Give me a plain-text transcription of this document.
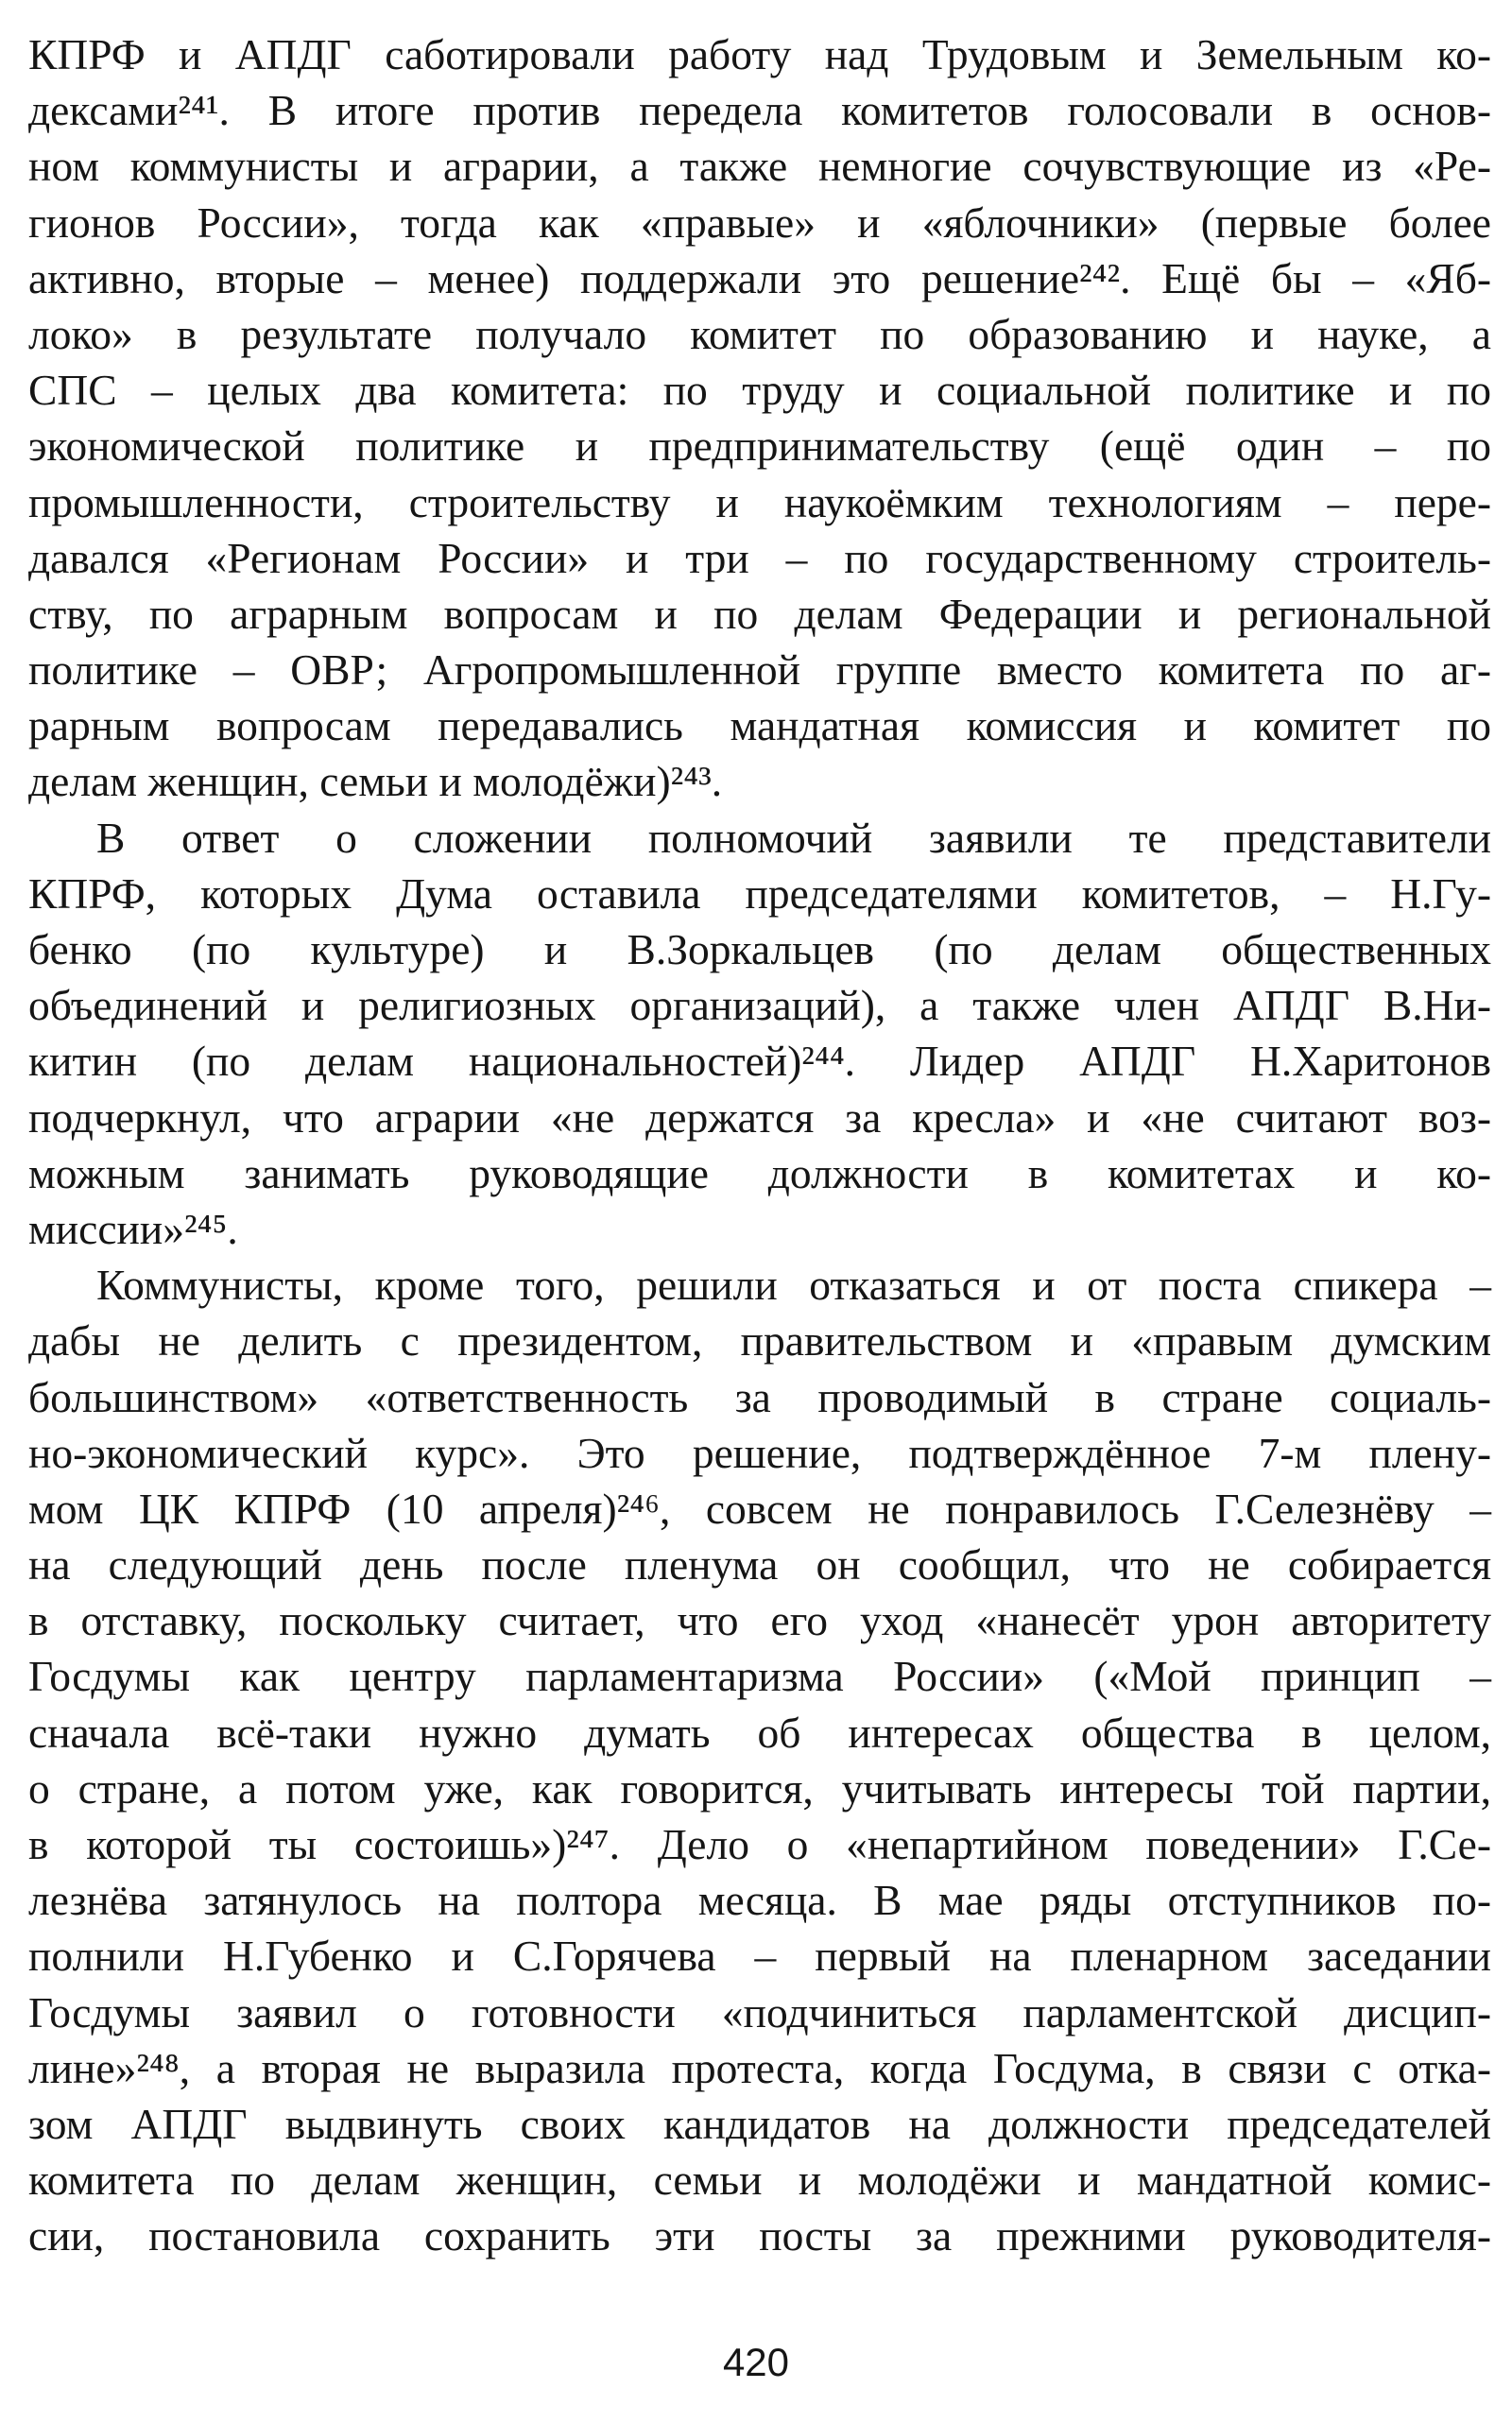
КПРФ и АПДГ саботировали работу над Трудовым и Земельным ко-
дексами²⁴¹. В итоге против передела комитетов голосовали в основ-
ном коммунисты и аграрии, а также немногие сочувствующие из «Ре-
гионов России», тогда как «правые» и «яблочники» (первые более
активно, вторые – менее) поддержали это решение²⁴². Ещё бы – «Яб-
локо» в результате получало комитет по образованию и науке, а
СПС – целых два комитета: по труду и социальной политике и по
экономической политике и предпринимательству (ещё один – по
промышленности, строительству и наукоёмким технологиям – пере-
давался «Регионам России» и три – по государственному строитель-
ству, по аграрным вопросам и по делам Федерации и региональной
политике – ОВР; Агропромышленной группе вместо комитета по аг-
рарным вопросам передавались мандатная комиссия и комитет по
делам женщин, семьи и молодёжи)²⁴³.
В ответ о сложении полномочий заявили те представители
КПРФ, которых Дума оставила председателями комитетов, – Н.Гу-
бенко (по культуре) и В.Зоркальцев (по делам общественных
объединений и религиозных организаций), а также член АПДГ В.Ни-
китин (по делам национальностей)²⁴⁴. Лидер АПДГ Н.Харитонов
подчеркнул, что аграрии «не держатся за кресла» и «не считают воз-
можным занимать руководящие должности в комитетах и ко-
миссии»²⁴⁵.
Коммунисты, кроме того, решили отказаться и от поста спикера –
дабы не делить с президентом, правительством и «правым думским
большинством» «ответственность за проводимый в стране социаль-
но-экономический курс». Это решение, подтверждённое 7-м плену-
мом ЦК КПРФ (10 апреля)²⁴⁶, совсем не понравилось Г.Селезнёву –
на следующий день после пленума он сообщил, что не собирается
в отставку, поскольку считает, что его уход «нанесёт урон авторитету
Госдумы как центру парламентаризма России» («Мой принцип –
сначала всё-таки нужно думать об интересах общества в целом,
о стране, а потом уже, как говорится, учитывать интересы той партии,
в которой ты состоишь»)²⁴⁷. Дело о «непартийном поведении» Г.Се-
лезнёва затянулось на полтора месяца. В мае ряды отступников по-
полнили Н.Губенко и С.Горячева – первый на пленарном заседании
Госдумы заявил о готовности «подчиниться парламентской дисцип-
лине»²⁴⁸, а вторая не выразила протеста, когда Госдума, в связи с отка-
зом АПДГ выдвинуть своих кандидатов на должности председателей
комитета по делам женщин, семьи и молодёжи и мандатной комис-
сии, постановила сохранить эти посты за прежними руководителя-
420
